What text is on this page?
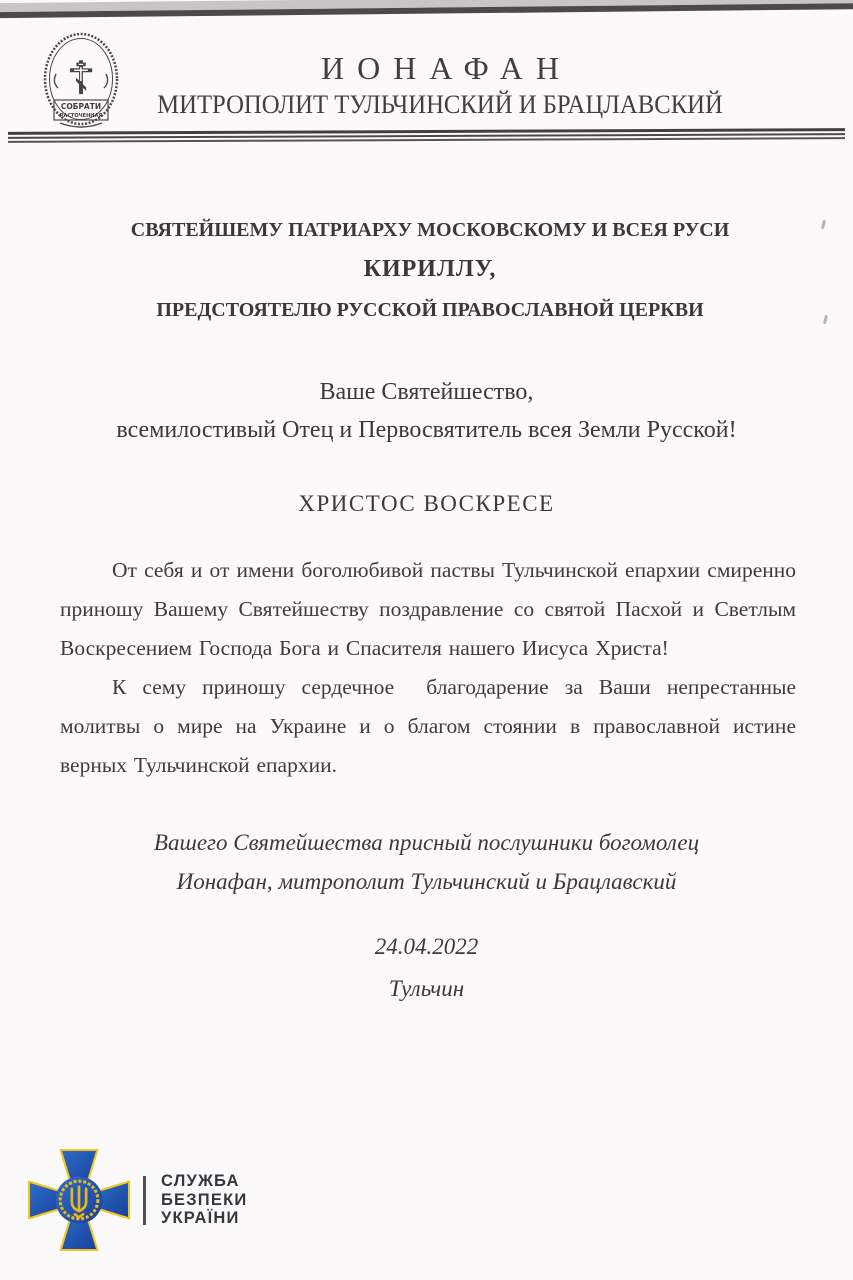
☦
СОБРАТИ
РАСТОЧЕННАЯ
ИОНАФАН
МИТРОПОЛИТ ТУЛЬЧИНСКИЙ И БРАЦЛАВСКИЙ
СВЯТЕЙШЕМУ ПАТРИАРХУ МОСКОВСКОМУ И ВСЕЯ РУСИ
КИРИЛЛУ,
ПРЕДСТОЯТЕЛЮ РУССКОЙ ПРАВОСЛАВНОЙ ЦЕРКВИ
Ваше Святейшество,
всемилостивый Отец и Первосвятитель всея Земли Русской!
ХРИСТОС ВОСКРЕСЕ

От себя и от имени боголюбивой паствы Тульчинской епархии смиренно приношу Вашему Святейшеству поздравление со святой Пасхой и Светлым Воскресением Господа Бога и Спасителя нашего Иисуса Христа!

К сему приношу сердечное  благодарение за Ваши непрестанные молитвы о мире на Украине и о благом стоянии в православной истине верных Тульчинской епархии.

Вашего Святейшества присный послушники богомолец
Ионафан, митрополит Тульчинский и Брацлавский
24.04.2022
Тульчин
СЛУЖБА
БЕЗПЕКИ
УКРАЇНИ
